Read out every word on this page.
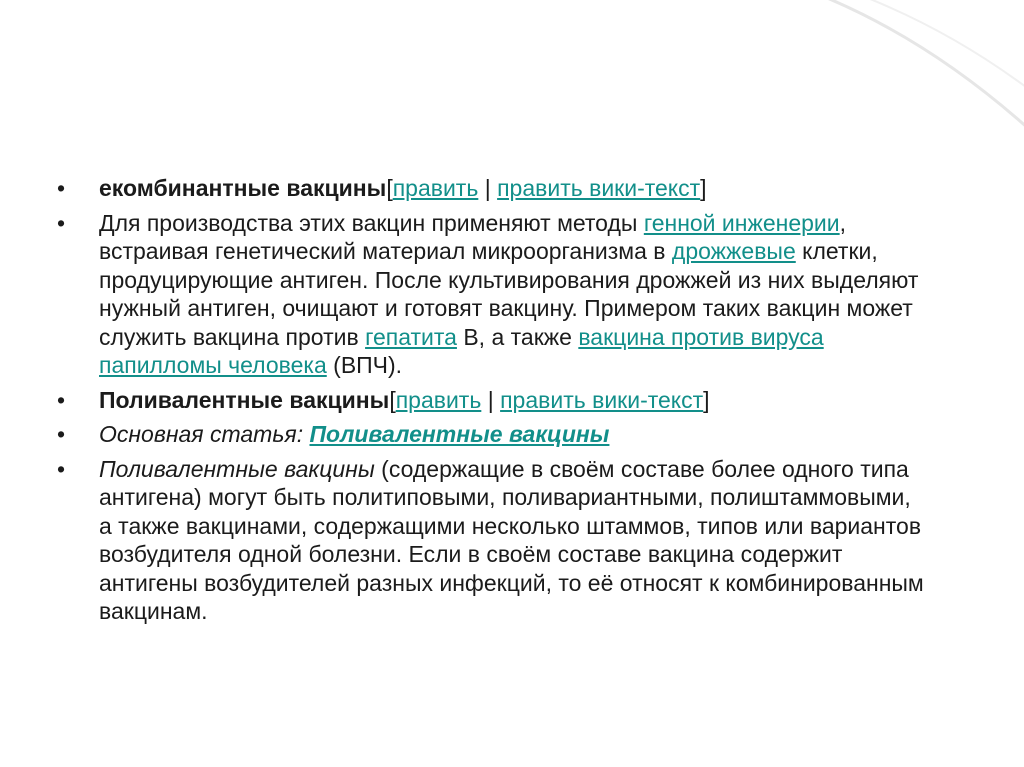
• екомбинантные вакцины[править | править вики-текст]
• Для производства этих вакцин применяют методы генной инженерии, встраивая генетический материал микроорганизма в дрожжевые клетки, продуцирующие антиген. После культивирования дрожжей из них выделяют нужный антиген, очищают и готовят вакцину. Примером таких вакцин может служить вакцина против гепатита B, а также вакцина против вируса папилломы человека (ВПЧ).
• Поливалентные вакцины[править | править вики-текст]
• Основная статья: Поливалентные вакцины
• Поливалентные вакцины (содержащие в своём составе более одного типа антигена) могут быть политиповыми, поливариантными, полиштаммовыми, а также вакцинами, содержащими несколько штаммов, типов или вариантов возбудителя одной болезни. Если в своём составе вакцина содержит антигены возбудителей разных инфекций, то её относят к комбинированным вакцинам.
